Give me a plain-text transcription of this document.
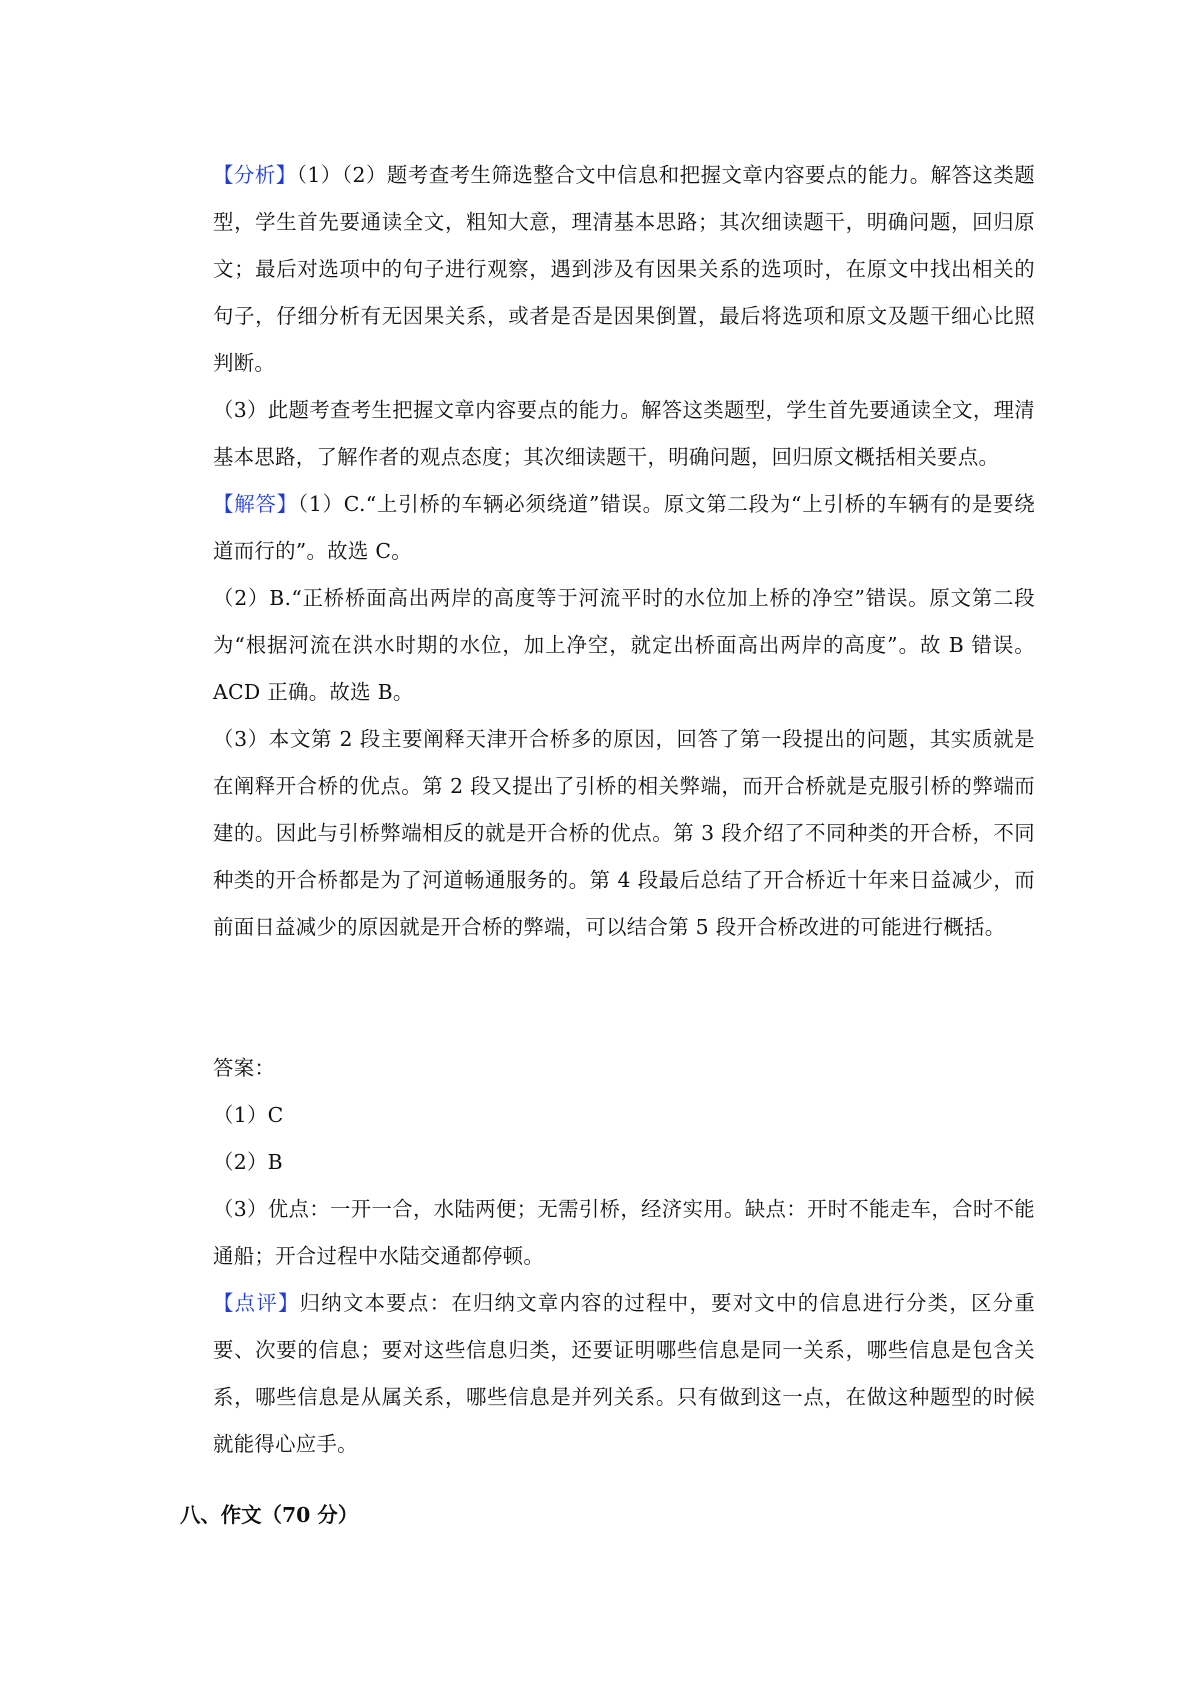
【分析】（1）（2）题考查考生筛选整合文中信息和把握文章内容要点的能力。解答这类题型，学生首先要通读全文，粗知大意，理清基本思路；其次细读题干，明确问题，回归原文；最后对选项中的句子进行观察，遇到涉及有因果关系的选项时，在原文中找出相关的句子，仔细分析有无因果关系，或者是否是因果倒置，最后将选项和原文及题干细心比照判断。

（3）此题考查考生把握文章内容要点的能力。解答这类题型，学生首先要通读全文，理清基本思路，了解作者的观点态度；其次细读题干，明确问题，回归原文概括相关要点。

【解答】（1）C.“上引桥的车辆必须绕道”错误。原文第二段为“上引桥的车辆有的是要绕道而行的”。故选 C。

（2）B.“正桥桥面高出两岸的高度等于河流平时的水位加上桥的净空”错误。原文第二段为“根据河流在洪水时期的水位，加上净空，就定出桥面高出两岸的高度”。故 B 错误。ACD 正确。故选 B。

（3）本文第 2 段主要阐释天津开合桥多的原因，回答了第一段提出的问题，其实质就是在阐释开合桥的优点。第 2 段又提出了引桥的相关弊端，而开合桥就是克服引桥的弊端而建的。因此与引桥弊端相反的就是开合桥的优点。第 3 段介绍了不同种类的开合桥，不同种类的开合桥都是为了河道畅通服务的。第 4 段最后总结了开合桥近十年来日益减少，而前面日益减少的原因就是开合桥的弊端，可以结合第 5 段开合桥改进的可能进行概括。

答案：

（1）C

（2）B

（3）优点：一开一合，水陆两便；无需引桥，经济实用。缺点：开时不能走车，合时不能通船；开合过程中水陆交通都停顿。

【点评】归纳文本要点：在归纳文章内容的过程中，要对文中的信息进行分类，区分重要、次要的信息；要对这些信息归类，还要证明哪些信息是同一关系，哪些信息是包含关系，哪些信息是从属关系，哪些信息是并列关系。只有做到这一点，在做这种题型的时候就能得心应手。

八、作文（70 分）
